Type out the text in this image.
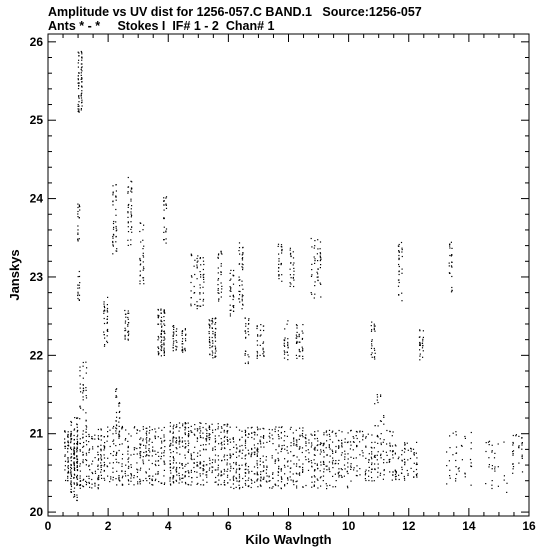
Amplitude vs UV dist for 1256-057.C BAND.1   Source:1256-057
Ants * - *     Stokes I  IF# 1 - 2  Chan# 1
0	2	4	6	8	10	12	14	16
20
21
22
23
24
25
26
Kilo Wavlngth
Janskys
